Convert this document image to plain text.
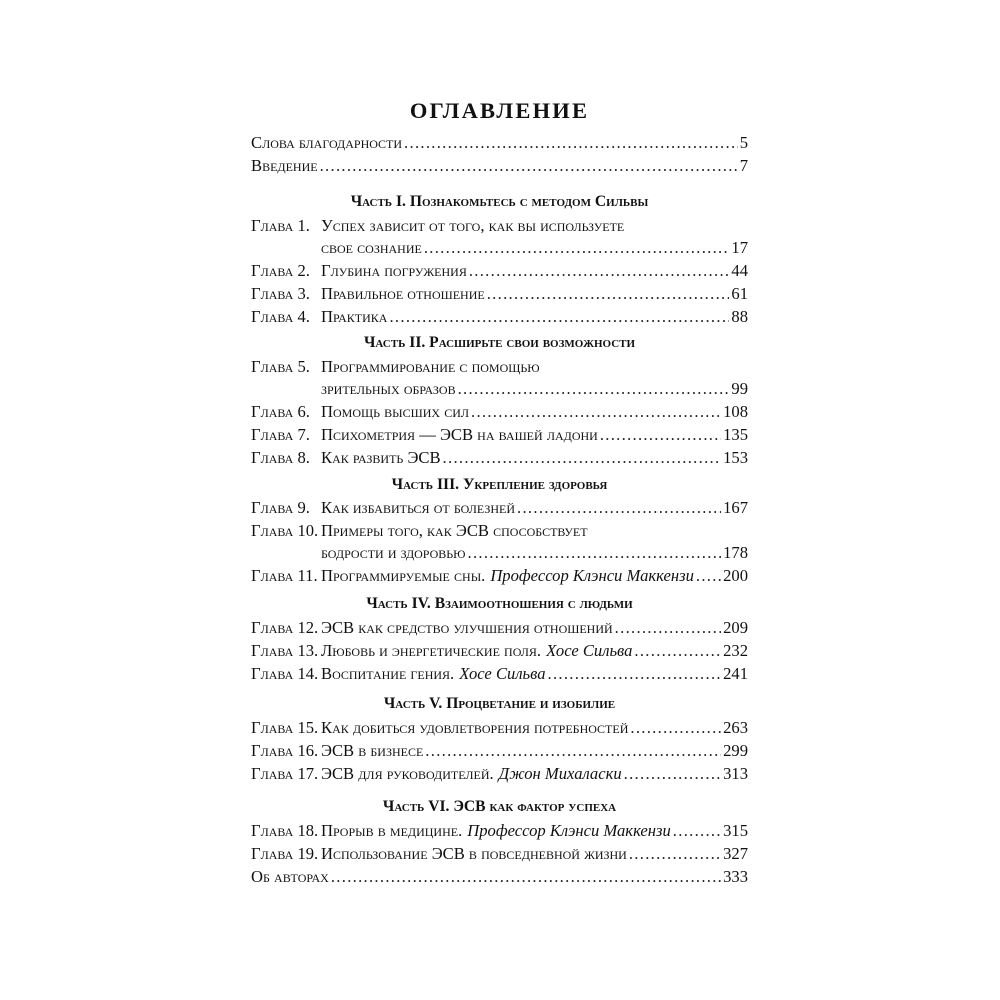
ОГЛАВЛЕНИЕ
Слова благодарности .....	5
Введение .....	7
Часть I. Познакомьтесь с методом Сильвы
Глава 1. Успех зависит от того, как вы используете
свое сознание .....	17
Глава 2. Глубина погружения .....	44
Глава 3. Правильное отношение .....	61
Глава 4. Практика .....	88
Часть II. Расширьте свои возможности
Глава 5. Программирование с помощью
зрительных образов .....	99
Глава 6. Помощь высших сил .....	108
Глава 7. Психометрия — ЭСВ на вашей ладони .....	135
Глава 8. Как развить ЭСВ .....	153
Часть III. Укрепление здоровья
Глава 9. Как избавиться от болезней .....	167
Глава 10. Примеры того, как ЭСВ способствует
бодрости и здоровью .....	178
Глава 11. Программируемые сны. Профессор Клэнси Маккензи ..... 200
Часть IV. Взаимоотношения с людьми
Глава 12. ЭСВ как средство улучшения отношений .....	209
Глава 13. Любовь и энергетические поля. Хосе Сильва .....	232
Глава 14. Воспитание гения. Хосе Сильва .....	241
Часть V. Процветание и изобилие
Глава 15. Как добиться удовлетворения потребностей .....	263
Глава 16. ЭСВ в бизнесе .....	299
Глава 17. ЭСВ для руководителей. Джон Михаласки .....	313
Часть VI. ЭСВ как фактор успеха
Глава 18. Прорыв в медицине. Профессор Клэнси Маккензи .....	315
Глава 19. Использование ЭСВ в повседневной жизни .....	327
Об авторах .....	333
